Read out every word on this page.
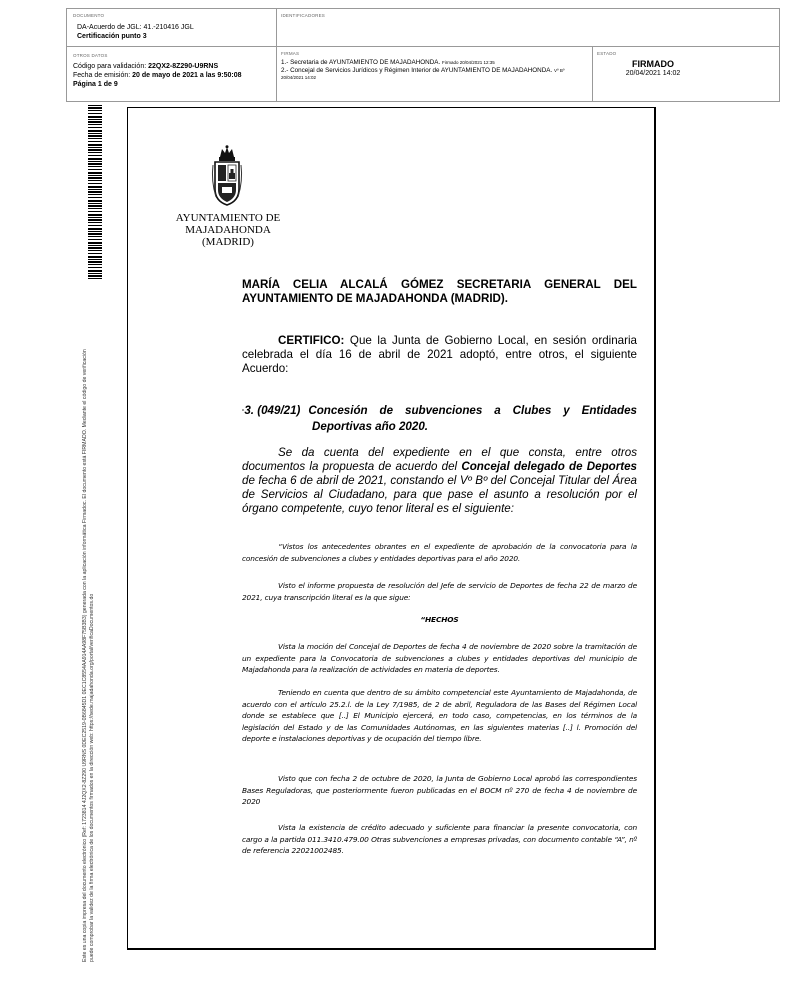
DOCUMENTO
DA-Acuerdo de JGL: 41.-210416 JGL
Certificación punto 3
IDENTIFICADORES
OTROS DATOS
Código para validación: 22QX2-8Z290-U9RNS
Fecha de emisión: 20 de mayo de 2021 a las 9:50:08
Página 1 de 9
FIRMAS
1.- Secretaria de AYUNTAMIENTO DE MAJADAHONDA. Firmado 20/04/2021 12:35
2.- Concejal de Servicios Jurídicos y Régimen Interior de AYUNTAMIENTO DE MAJADAHONDA. Vº Bº
20/04/2021 14:02
ESTADO
FIRMADO
20/04/2021 14:02
Este es una copia impresa del documento electrónico (Ref: 1723814 4J2QX2-8Z290 U9RNS 0DEC2519-0B6845D1 0EC1C8554AA914AA98F75B3B3) generada con la aplicación informática Firmadoc. El documento está FIRMADO. Mediante el código de verificación puede comprobar la validez de la firma electrónica de los documentos firmados en la dirección web: https://sede.majadahonda.org/portal/verificaDocumentos.do
AYUNTAMIENTO DE
MAJADAHONDA
(MADRID)
MARÍA CELIA ALCALÁ GÓMEZ SECRETARIA GENERAL DEL AYUNTAMIENTO DE MAJADAHONDA (MADRID).
CERTIFICO: Que la Junta de Gobierno Local, en sesión ordinaria celebrada el día 16 de abril de 2021 adoptó, entre otros, el siguiente Acuerdo:
“ 3. (049/21) Concesión de subvenciones a Clubes y Entidades
Deportivas año 2020.
Se da cuenta del expediente en el que consta, entre otros documentos la propuesta de acuerdo del Concejal delegado de Deportes de fecha 6 de abril de 2021, constando el Vº Bº del Concejal Titular del Área de Servicios al Ciudadano, para que pase el asunto a resolución por el órgano competente, cuyo tenor literal es el siguiente:
“Vistos los antecedentes obrantes en el expediente de aprobación de la convocatoria para la concesión de subvenciones a clubes y entidades deportivas para el año 2020.
Visto el informe propuesta de resolución del Jefe de servicio de Deportes de fecha 22 de marzo de 2021, cuya transcripción literal es la que sigue:
“HECHOS
Vista la moción del Concejal de Deportes de fecha 4 de noviembre de 2020 sobre la tramitación de un expediente para la Convocatoria de subvenciones a clubes y entidades deportivas del municipio de Majadahonda para la realización de actividades en materia de deportes.
Teniendo en cuenta que dentro de su ámbito competencial este Ayuntamiento de Majadahonda, de acuerdo con el artículo 25.2.l. de la Ley 7/1985, de 2 de abril, Reguladora de las Bases del Régimen Local donde se establece que [..] El Municipio ejercerá, en todo caso, competencias, en los términos de la legislación del Estado y de las Comunidades Autónomas, en las siguientes materias [..] l. Promoción del deporte e instalaciones deportivas y de ocupación del tiempo libre.
Visto que con fecha 2 de octubre de 2020, la Junta de Gobierno Local aprobó las correspondientes Bases Reguladoras, que posteriormente fueron publicadas en el BOCM nº 270 de fecha 4 de noviembre de 2020
Vista la existencia de crédito adecuado y suficiente para financiar la presente convocatoria, con cargo a la partida 011.3410.479.00 Otras subvenciones a empresas privadas, con documento contable “A”, nº de referencia 22021002485.
